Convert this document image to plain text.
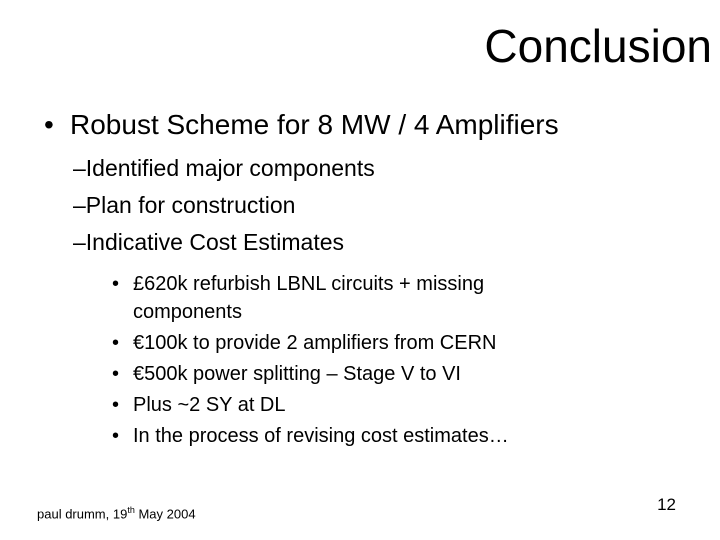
Conclusion
• Robust Scheme for 8 MW / 4 Amplifiers
–Identified major components
–Plan for construction
–Indicative Cost Estimates
• £620k refurbish LBNL circuits + missing components
• €100k to provide 2 amplifiers from CERN
• €500k power splitting – Stage V to VI
• Plus ~2 SY at DL
• In the process of revising cost estimates…
paul drumm, 19th May 2004	12
